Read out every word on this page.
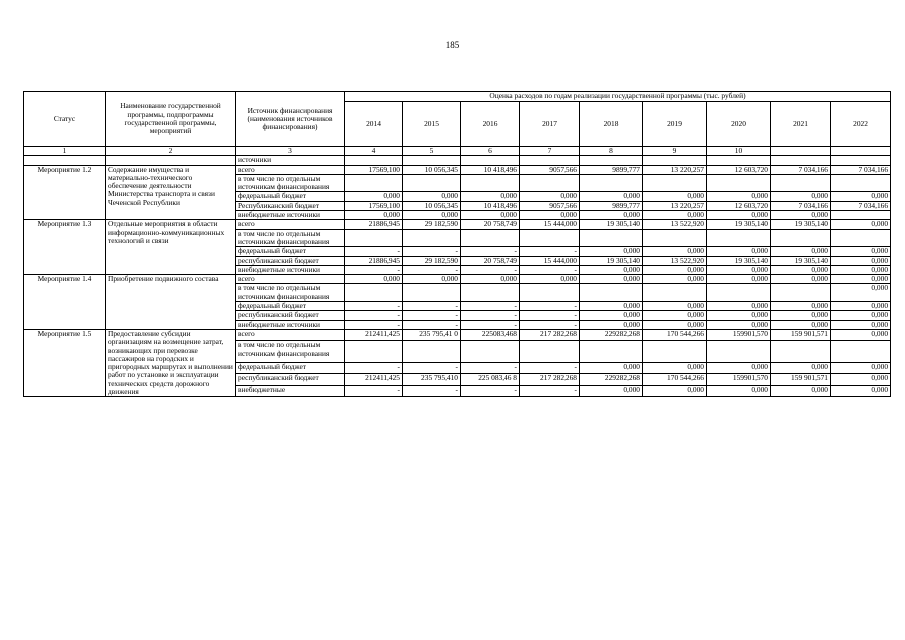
185
Статус	Наименование государственной программы, подпрограммы государственной программы, мероприятий	Источник финансирования (наименования источников финансирования)	Оценка расходов по годам реализации государственной программы (тыс. рублей)								
			2014	2015	2016	2017	2018	2019	2020	2021	2022
1	2	3	4	5	6	7	8	9	10		
		источники									
Мероприятие 1.2	Содержание имущества и материально-технического обеспечение деятельности Министерства транспорта и связи Чеченской Республики	всего	17569,100	10 056,345	10 418,496	9057,566	9899,777	13 220,257	12 603,720	7 034,166	7 034,166
		в том числе по отдельным источникам финансирования									
		федеральный бюджет	0,000	0,000	0,000	0,000	0,000	0,000	0,000	0,000	0,000
		Республиканский бюджет	17569,100	10 056,345	10 418,496	9057,566	9899,777	13 220,257	12 603,720	7 034,166	7 034,166
		внебюджетные источники	0,000	0,000	0,000	0,000	0,000	0,000	0,000	0,000	
Мероприятие 1.3	Отдельные мероприятия в области информационно-коммуникационных технологий и связи	всего	21886,945	29 182,590	20 758,749	15 444,000	19 305,140	13 522,920	19 305,140	19 305,140	0,000
		в том числе по отдельным источникам финансирования									
		федеральный бюджет	-	-	-	-	0,000	0,000	0,000	0,000	0,000
		республиканский бюджет	21886,945	29 182,590	20 758,749	15 444,000	19 305,140	13 522,920	19 305,140	19 305,140	0,000
		внебюджетные источники	-	-	-	-	0,000	0,000	0,000	0,000	0,000
Мероприятие 1.4	Приобретение подвижного состава	всего	0,000	0,000	0,000	0,000	0,000	0,000	0,000	0,000	0,000
		в том числе по отдельным источникам финансирования									0,000
		федеральный бюджет	-	-	-	-	0,000	0,000	0,000	0,000	0,000
		республиканский бюджет	-	-	-	-	0,000	0,000	0,000	0,000	0,000
		внебюджетные источники	-	-	-	-	0,000	0,000	0,000	0,000	0,000
Мероприятие 1.5	Предоставление субсидии организациям на возмещение затрат, возникающих при перевозке пассажиров на городских и пригородных маршрутах и выполнении работ по установке и эксплуатации технических средств дорожного движения	всего	212411,425	235 795,41 0	225083,468	217 282,268	229282,268	170 544,266	159901,570	159 901,571	0,000
		в том числе по отдельным источникам финансирования									
		федеральный бюджет	-	-	-	-	0,000	0,000	0,000	0,000	0,000
		республиканский бюджет	212411,425	235 795,410	225 083,46 8	217 282,268	229282,268	170 544,266	159901,570	159 901,571	0,000
		внебюджетные	-	-	-	-	0,000	0,000	0,000	0,000	0,000
